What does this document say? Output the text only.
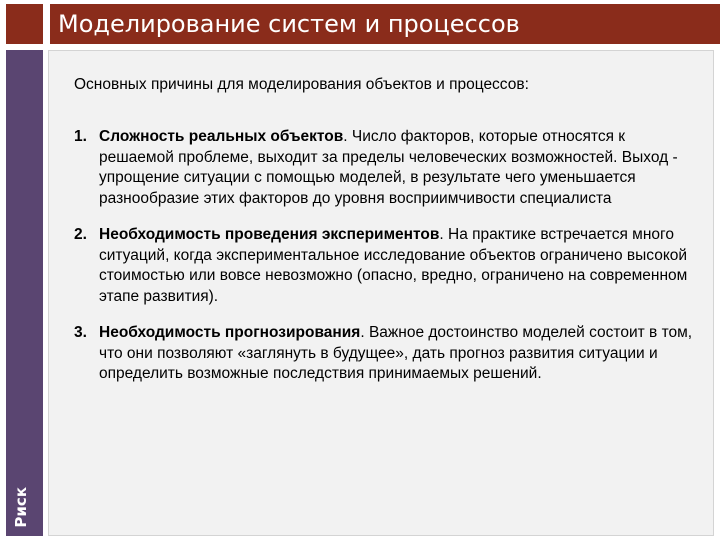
Моделирование систем и процессов
Риск
Основных причины для моделирования объектов и процессов:
1. Сложность реальных объектов. Число факторов, которые относятся к решаемой проблеме, выходит за пределы человеческих возможностей. Выход - упрощение ситуации с помощью моделей, в результате чего уменьшается разнообразие этих факторов до уровня восприимчивости специалиста
2. Необходимость проведения экспериментов. На практике встречается много ситуаций, когда экспериментальное исследование объектов ограничено высокой стоимостью или вовсе невозможно (опасно, вредно, ограничено на современном этапе развития).
3. Необходимость прогнозирования. Важное достоинство моделей состоит в том, что они позволяют «заглянуть в будущее», дать прогноз развития ситуации и определить возможные последствия принимаемых решений.
